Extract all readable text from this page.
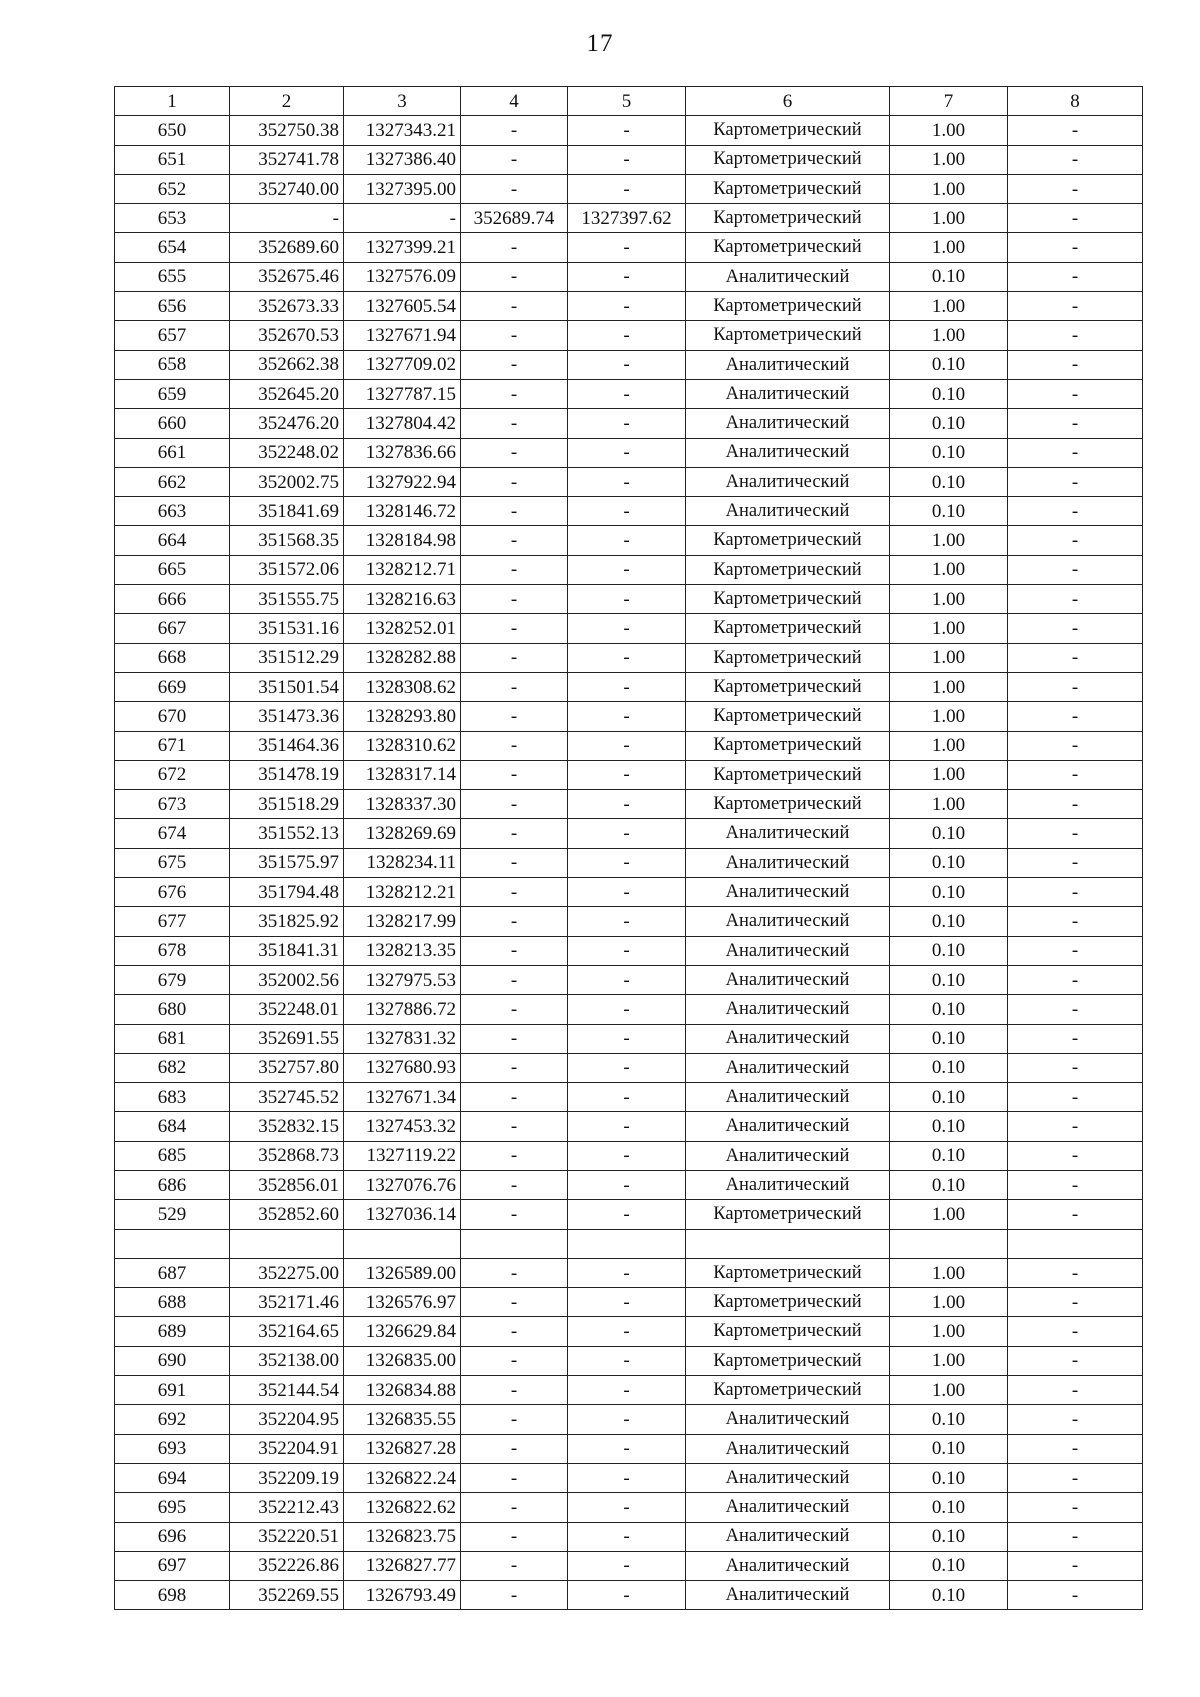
17
1	2	3	4	5	6	7	8
650	352750.38	1327343.21	-	-	Картометрический	1.00	-
651	352741.78	1327386.40	-	-	Картометрический	1.00	-
652	352740.00	1327395.00	-	-	Картометрический	1.00	-
653	-	-	352689.74	1327397.62	Картометрический	1.00	-
654	352689.60	1327399.21	-	-	Картометрический	1.00	-
655	352675.46	1327576.09	-	-	Аналитический	0.10	-
656	352673.33	1327605.54	-	-	Картометрический	1.00	-
657	352670.53	1327671.94	-	-	Картометрический	1.00	-
658	352662.38	1327709.02	-	-	Аналитический	0.10	-
659	352645.20	1327787.15	-	-	Аналитический	0.10	-
660	352476.20	1327804.42	-	-	Аналитический	0.10	-
661	352248.02	1327836.66	-	-	Аналитический	0.10	-
662	352002.75	1327922.94	-	-	Аналитический	0.10	-
663	351841.69	1328146.72	-	-	Аналитический	0.10	-
664	351568.35	1328184.98	-	-	Картометрический	1.00	-
665	351572.06	1328212.71	-	-	Картометрический	1.00	-
666	351555.75	1328216.63	-	-	Картометрический	1.00	-
667	351531.16	1328252.01	-	-	Картометрический	1.00	-
668	351512.29	1328282.88	-	-	Картометрический	1.00	-
669	351501.54	1328308.62	-	-	Картометрический	1.00	-
670	351473.36	1328293.80	-	-	Картометрический	1.00	-
671	351464.36	1328310.62	-	-	Картометрический	1.00	-
672	351478.19	1328317.14	-	-	Картометрический	1.00	-
673	351518.29	1328337.30	-	-	Картометрический	1.00	-
674	351552.13	1328269.69	-	-	Аналитический	0.10	-
675	351575.97	1328234.11	-	-	Аналитический	0.10	-
676	351794.48	1328212.21	-	-	Аналитический	0.10	-
677	351825.92	1328217.99	-	-	Аналитический	0.10	-
678	351841.31	1328213.35	-	-	Аналитический	0.10	-
679	352002.56	1327975.53	-	-	Аналитический	0.10	-
680	352248.01	1327886.72	-	-	Аналитический	0.10	-
681	352691.55	1327831.32	-	-	Аналитический	0.10	-
682	352757.80	1327680.93	-	-	Аналитический	0.10	-
683	352745.52	1327671.34	-	-	Аналитический	0.10	-
684	352832.15	1327453.32	-	-	Аналитический	0.10	-
685	352868.73	1327119.22	-	-	Аналитический	0.10	-
686	352856.01	1327076.76	-	-	Аналитический	0.10	-
529	352852.60	1327036.14	-	-	Картометрический	1.00	-

687	352275.00	1326589.00	-	-	Картометрический	1.00	-
688	352171.46	1326576.97	-	-	Картометрический	1.00	-
689	352164.65	1326629.84	-	-	Картометрический	1.00	-
690	352138.00	1326835.00	-	-	Картометрический	1.00	-
691	352144.54	1326834.88	-	-	Картометрический	1.00	-
692	352204.95	1326835.55	-	-	Аналитический	0.10	-
693	352204.91	1326827.28	-	-	Аналитический	0.10	-
694	352209.19	1326822.24	-	-	Аналитический	0.10	-
695	352212.43	1326822.62	-	-	Аналитический	0.10	-
696	352220.51	1326823.75	-	-	Аналитический	0.10	-
697	352226.86	1326827.77	-	-	Аналитический	0.10	-
698	352269.55	1326793.49	-	-	Аналитический	0.10	-
